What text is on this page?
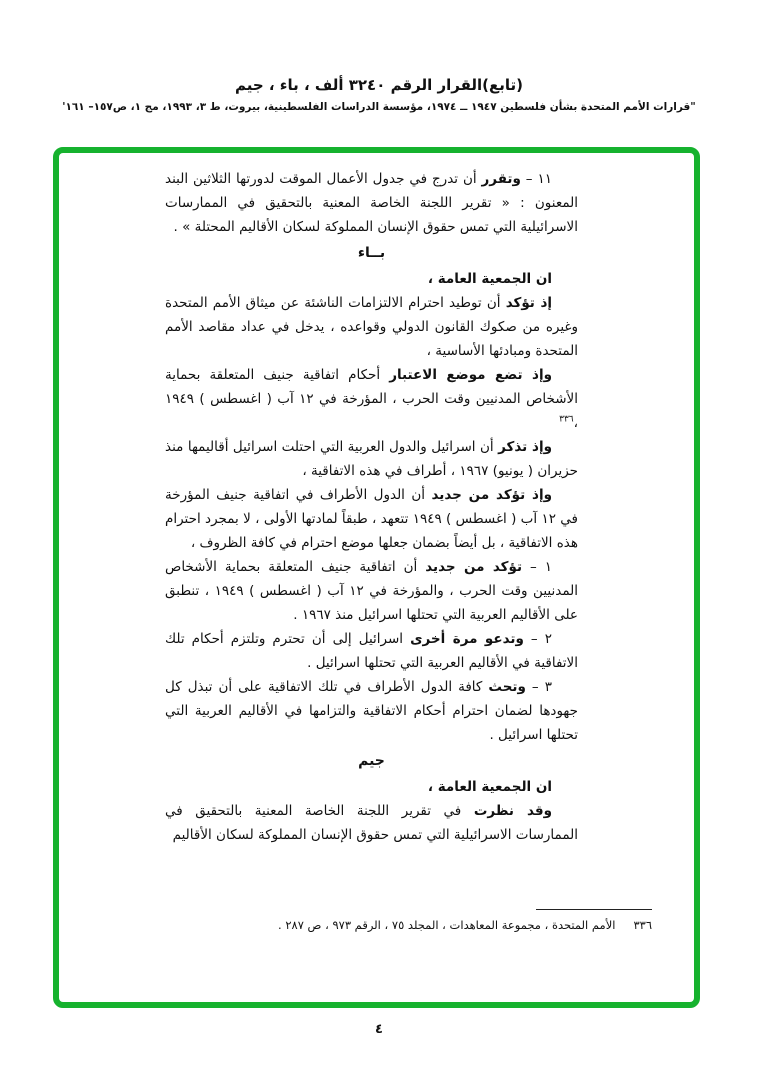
(تابع)القرار الرقم ٣٢٤٠ ألف ، باء ، جيم
"قرارات الأمم المتحدة بشأن فلسطين ١٩٤٧ ــ ١٩٧٤، مؤسسة الدراسات الفلسطينية، بيروت، ط ٣، ١٩٩٣، مج ١، ص١٥٧– ١٦١'

١١ – وتقرر أن تدرج في جدول الأعمال الموقت لدورتها الثلاثين البند المعنون : « تقرير اللجنة الخاصة المعنية بالتحقيق في الممارسات الاسرائيلية التي تمس حقوق الإنسان المملوكة لسكان الأقاليم المحتلة » .

بــاء

ان الجمعية العامة ،

إذ تؤكد أن توطيد احترام الالتزامات الناشئة عن ميثاق الأمم المتحدة وغيره من صكوك القانون الدولي وقواعده ، يدخل في عداد مقاصد الأمم المتحدة ومبادئها الأساسية ،

وإذ تضع موضع الاعتبار أحكام اتفاقية جنيف المتعلقة بحماية الأشخاص المدنيين وقت الحرب ، المؤرخة في ١٢ آب ( اغسطس ) ١٩٤٩ ،$^{٣٣٦}$

وإذ تذكر أن اسرائيل والدول العربية التي احتلت اسرائيل أقاليمها منذ حزيران ( يونيو) ١٩٦٧ ، أطراف في هذه الاتفاقية ،

وإذ تؤكد من جديد أن الدول الأطراف في اتفاقية جنيف المؤرخة في ١٢ آب ( اغسطس ) ١٩٤٩ تتعهد ، طبقاً لمادتها الأولى ، لا بمجرد احترام هذه الاتفاقية ، بل أيضاً بضمان جعلها موضع احترام في كافة الظروف ،

١ – تؤكد من جديد أن اتفاقية جنيف المتعلقة بحماية الأشخاص المدنيين وقت الحرب ، والمؤرخة في ١٢ آب ( اغسطس ) ١٩٤٩ ، تنطبق على الأقاليم العربية التي تحتلها اسرائيل منذ ١٩٦٧ .

٢ – وتدعو مرة أخرى اسرائيل إلى أن تحترم وتلتزم أحكام تلك الاتفاقية في الأقاليم العربية التي تحتلها اسرائيل .

٣ – وتحث كافة الدول الأطراف في تلك الاتفاقية على أن تبذل كل جهودها لضمان احترام أحكام الاتفاقية والتزامها في الأقاليم العربية التي تحتلها اسرائيل .

جيم

ان الجمعية العامة ،

وقد نظرت في تقرير اللجنة الخاصة المعنية بالتحقيق في الممارسات الاسرائيلية التي تمس حقوق الإنسان المملوكة لسكان الأقاليم

٣٣٦الأمم المتحدة ، مجموعة المعاهدات ، المجلد ٧٥ ، الرقم ٩٧٣ ، ص ٢٨٧ .
٤
